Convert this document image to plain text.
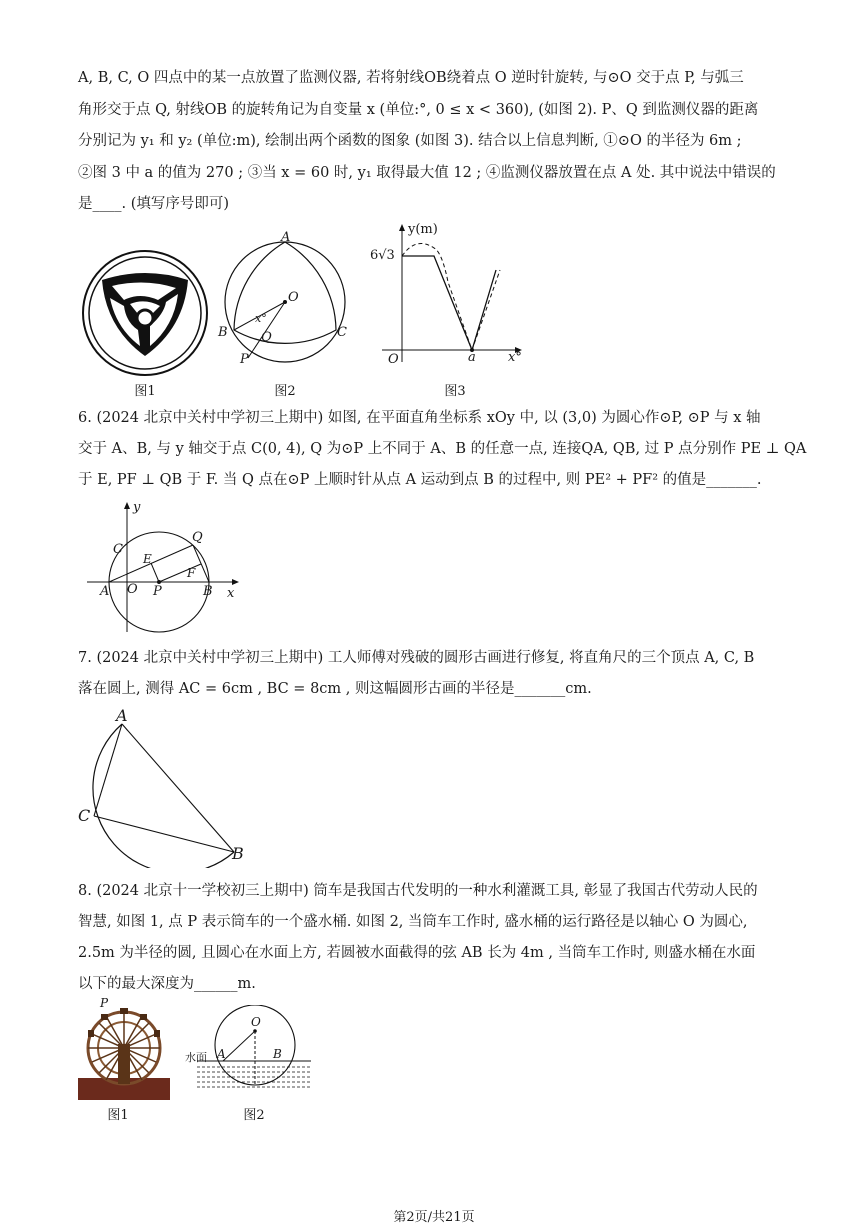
A, B, C, O 四点中的某一点放置了监测仪器, 若将射线OB绕着点 O 逆时针旋转, 与⊙O 交于点 P, 与弧三
角形交于点 Q, 射线OB 的旋转角记为自变量 x (单位:°, 0 ≤ x < 360), (如图 2). P、Q 到监测仪器的距离
分别记为 y₁ 和 y₂ (单位:m), 绘制出两个函数的图象 (如图 3). 结合以上信息判断, ①⊙O 的半径为 6m ;
②图 3 中 a 的值为 270 ; ③当 x = 60 时, y₁ 取得最大值 12 ; ④监测仪器放置在点 A 处. 其中说法中错误的
是____. (填写序号即可)
图1
A
O
B	C
P
Q
x°
图2
y(m)
6√3
O	a x°
图3
6. (2024 北京中关村中学初三上期中) 如图, 在平面直角坐标系 xOy 中, 以 (3,0) 为圆心作⊙P, ⊙P 与 x 轴
交于 A、B, 与 y 轴交于点 C(0, 4), Q 为⊙P 上不同于 A、B 的任意一点, 连接QA, QB, 过 P 点分别作 PE ⊥ QA
于 E, PF ⊥ QB 于 F. 当 Q 点在⊙P 上顺时针从点 A 运动到点 B 的过程中, 则 PE² + PF² 的值是_______.
y
C
E
Q
F
A O P	B x
7. (2024 北京中关村中学初三上期中) 工人师傅对残破的圆形古画进行修复, 将直角尺的三个顶点 A, C, B
落在圆上, 测得 AC = 6cm , BC = 8cm , 则这幅圆形古画的半径是_______cm.
A
C
B
8. (2024 北京十一学校初三上期中) 筒车是我国古代发明的一种水利灌溉工具, 彰显了我国古代劳动人民的
智慧, 如图 1, 点 P 表示筒车的一个盛水桶. 如图 2, 当筒车工作时, 盛水桶的运行路径是以轴心 O 为圆心,
2.5m 为半径的圆, 且圆心在水面上方, 若圆被水面截得的弦 AB 长为 4m , 当筒车工作时, 则盛水桶在水面
以下的最大深度为______m.
P
图1
O
水面 A	B
图2
第2页/共21页
